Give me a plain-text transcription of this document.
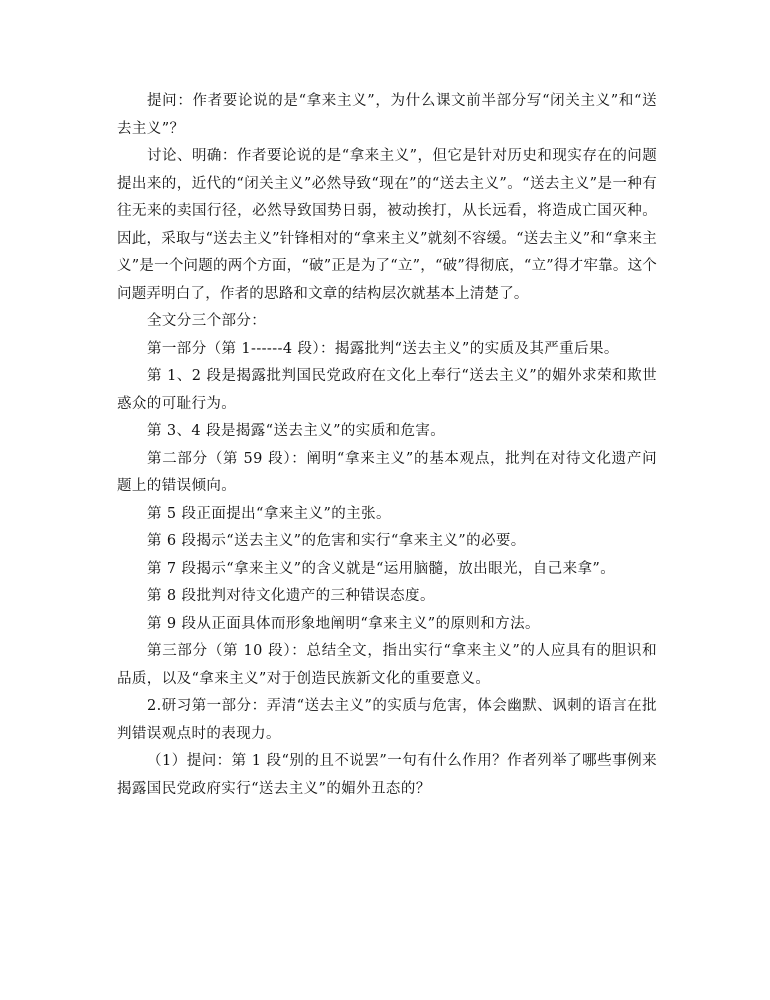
提问：作者要论说的是“拿来主义”，为什么课文前半部分写“闭关主义”和“送去主义”？

讨论、明确：作者要论说的是“拿来主义”，但它是针对历史和现实存在的问题提出来的，近代的“闭关主义”必然导致“现在”的“送去主义”。“送去主义”是一种有往无来的卖国行径，必然导致国势日弱，被动挨打，从长远看，将造成亡国灭种。因此，采取与“送去主义”针锋相对的“拿来主义”就刻不容缓。“送去主义”和“拿来主义”是一个问题的两个方面，“破”正是为了“立”，“破”得彻底，“立”得才牢靠。这个问题弄明白了，作者的思路和文章的结构层次就基本上清楚了。

全文分三个部分：

第一部分（第 1------4 段）：揭露批判“送去主义”的实质及其严重后果。

第 1、2 段是揭露批判国民党政府在文化上奉行“送去主义”的媚外求荣和欺世惑众的可耻行为。

第 3、4 段是揭露“送去主义”的实质和危害。

第二部分（第 59 段）：阐明“拿来主义”的基本观点，批判在对待文化遗产问题上的错误倾向。

第 5 段正面提出“拿来主义”的主张。

第 6 段揭示“送去主义”的危害和实行“拿来主义”的必要。

第 7 段揭示“拿来主义”的含义就是“运用脑髓，放出眼光，自己来拿”。

第 8 段批判对待文化遗产的三种错误态度。

第 9 段从正面具体而形象地阐明“拿来主义”的原则和方法。

第三部分（第 10 段）：总结全文，指出实行“拿来主义”的人应具有的胆识和品质，以及“拿来主义”对于创造民族新文化的重要意义。

2.研习第一部分：弄清“送去主义”的实质与危害，体会幽默、讽刺的语言在批判错误观点时的表现力。

（1）提问：第 1 段“别的且不说罢”一句有什么作用？作者列举了哪些事例来揭露国民党政府实行“送去主义”的媚外丑态的？
